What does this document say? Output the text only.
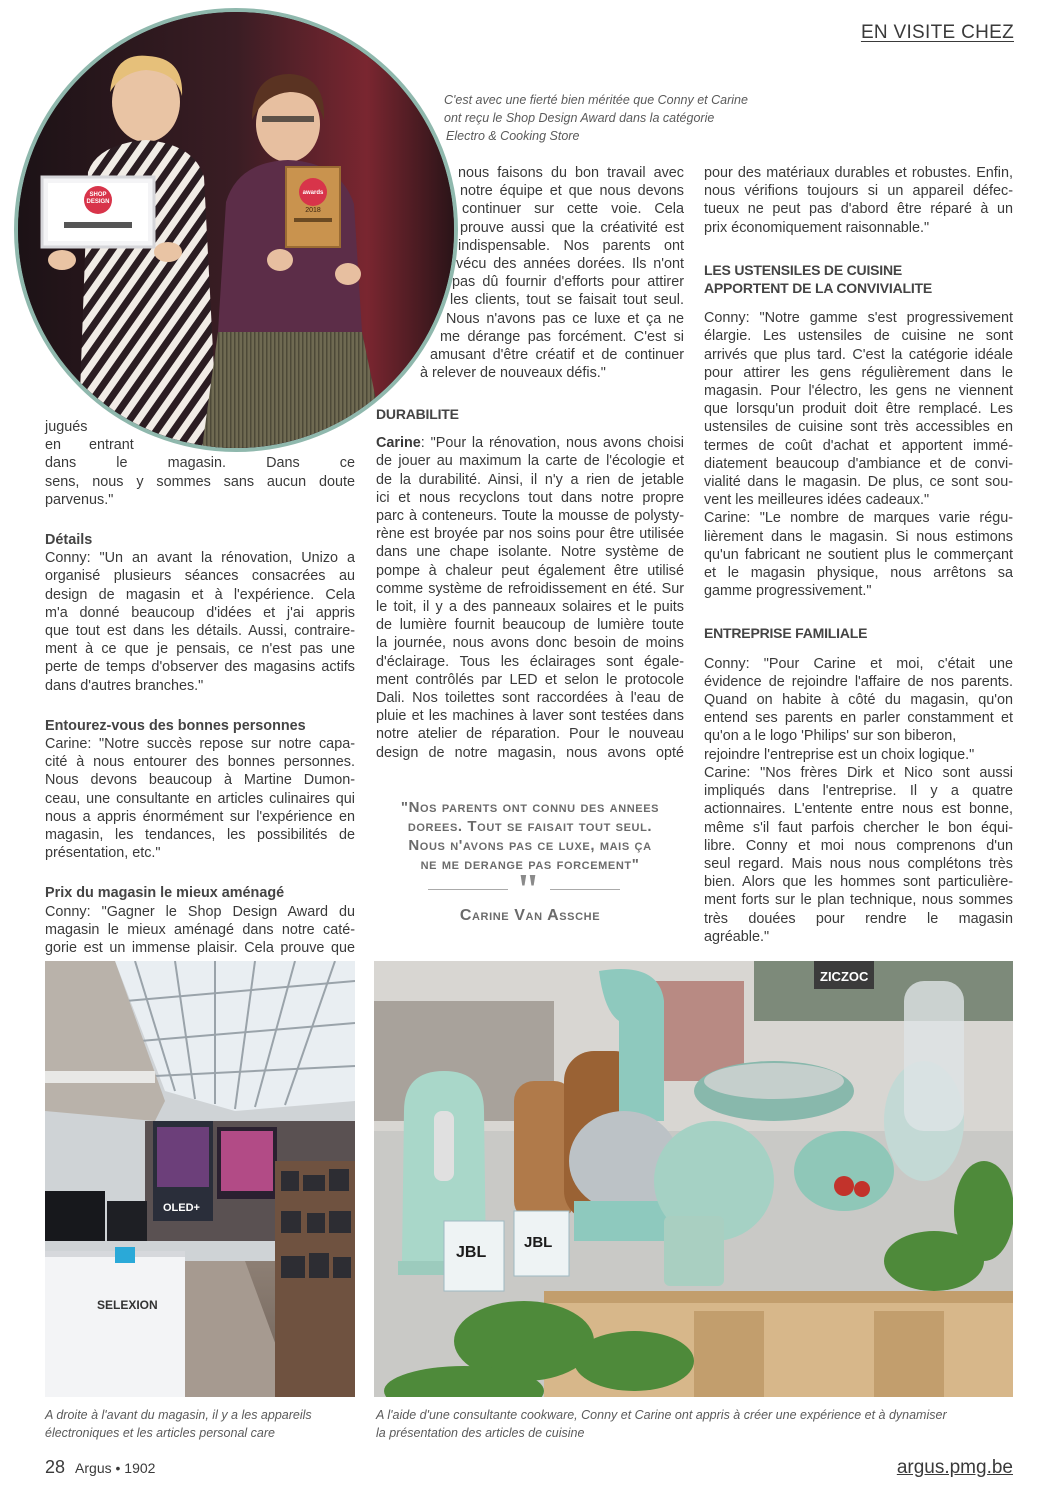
EN VISITE CHEZ
SHOP
DESIGN
awards
2018
C'est avec une fierté bien méritée que Conny et Carine
ont reçu le Shop Design Award dans la catégorie
Electro & Cooking Store

jugués

en entrant

dans le magasin. Dans ce

sens, nous y sommes sans aucun doute

parvenus."

Détails

Conny: "Un an avant la rénovation, Unizo a

organisé plusieurs séances consacrées au

design de magasin et à l'expérience. Cela

m'a donné beaucoup d'idées et j'ai appris

que tout est dans les détails. Aussi, contraire-

ment à ce que je pensais, ce n'est pas une

perte de temps d'observer des magasins actifs

dans d'autres branches."

Entourez-vous des bonnes personnes

Carine: "Notre succès repose sur notre capa-

cité à nous entourer des bonnes personnes.

Nous devons beaucoup à Martine Dumon-

ceau, une consultante en articles culinaires qui

nous a appris énormément sur l'expérience en

magasin, les tendances, les possibilités de

présentation, etc."

Prix du magasin le mieux aménagé

Conny: "Gagner le Shop Design Award du

magasin le mieux aménagé dans notre caté-

gorie est un immense plaisir. Cela prouve que

nous faisons du bon travail avec

notre équipe et que nous devons

continuer sur cette voie. Cela

prouve aussi que la créativité est

indispensable. Nos parents ont

vécu des années dorées. Ils n'ont

pas dû fournir d'efforts pour attirer

les clients, tout se faisait tout seul.

Nous n'avons pas ce luxe et ça ne

me dérange pas forcément. C'est si

amusant d'être créatif et de continuer

à relever de nouveaux défis."

DURABILITE

Carine: "Pour la rénovation, nous avons choisi

de jouer au maximum la carte de l'écologie et

de la durabilité. Ainsi, il n'y a rien de jetable

ici et nous recyclons tout dans notre propre

parc à conteneurs. Toute la mousse de polysty-

rène est broyée par nos soins pour être utilisée

dans une chape isolante. Notre système de

pompe à chaleur peut également être utilisé

comme système de refroidissement en été. Sur

le toit, il y a des panneaux solaires et le puits

de lumière fournit beaucoup de lumière toute

la journée, nous avons donc besoin de moins

d'éclairage. Tous les éclairages sont égale-

ment contrôlés par LED et selon le protocole

Dali. Nos toilettes sont raccordées à l'eau de

pluie et les machines à laver sont testées dans

notre atelier de réparation. Pour le nouveau

design de notre magasin, nous avons opté

"Nos parents ont connu des annees
dorees. Tout se faisait tout seul.
Nous n'avons pas ce luxe, mais ça
ne me derange pas forcement"
"
Carine Van Assche

pour des matériaux durables et robustes. Enfin,

nous vérifions toujours si un appareil défec-

tueux ne peut pas d'abord être réparé à un

prix économiquement raisonnable."

LES USTENSILES DE CUISINE

APPORTENT DE LA CONVIVIALITE

Conny: "Notre gamme s'est progressivement

élargie. Les ustensiles de cuisine ne sont

arrivés que plus tard. C'est la catégorie idéale

pour attirer les gens régulièrement dans le

magasin. Pour l'électro, les gens ne viennent

que lorsqu'un produit doit être remplacé. Les

ustensiles de cuisine sont très accessibles en

termes de coût d'achat et apportent immé-

diatement beaucoup d'ambiance et de convi-

vialité dans le magasin. De plus, ce sont sou-

vent les meilleures idées cadeaux."

Carine: "Le nombre de marques varie régu-

lièrement dans le magasin. Si nous estimons

qu'un fabricant ne soutient plus le commerçant

et le magasin physique, nous arrêtons sa

gamme progressivement."

ENTREPRISE FAMILIALE

Conny: "Pour Carine et moi, c'était une

évidence de rejoindre l'affaire de nos parents.

Quand on habite à côté du magasin, qu'on

entend ses parents en parler constamment et

qu'on a le logo 'Philips' sur son biberon,

rejoindre l'entreprise est un choix logique."

Carine: "Nos frères Dirk et Nico sont aussi

impliqués dans l'entreprise. Il y a quatre

actionnaires. L'entente entre nous est bonne,

même s'il faut parfois chercher le bon équi-

libre. Conny et moi nous comprenons d'un

seul regard. Mais nous nous complétons très

bien. Alors que les hommes sont particulière-

ment forts sur le plan technique, nous sommes

très douées pour rendre le magasin

agréable."

OLED+
SELEXION
A droite à l'avant du magasin, il y a les appareils
électroniques et les articles personal care
ZICZOC
JBL
JBL
A l'aide d'une consultante cookware, Conny et Carine ont appris à créer une expérience et à dynamiser
la présentation des articles de cuisine
28 Argus • 1902	argus.pmg.be
